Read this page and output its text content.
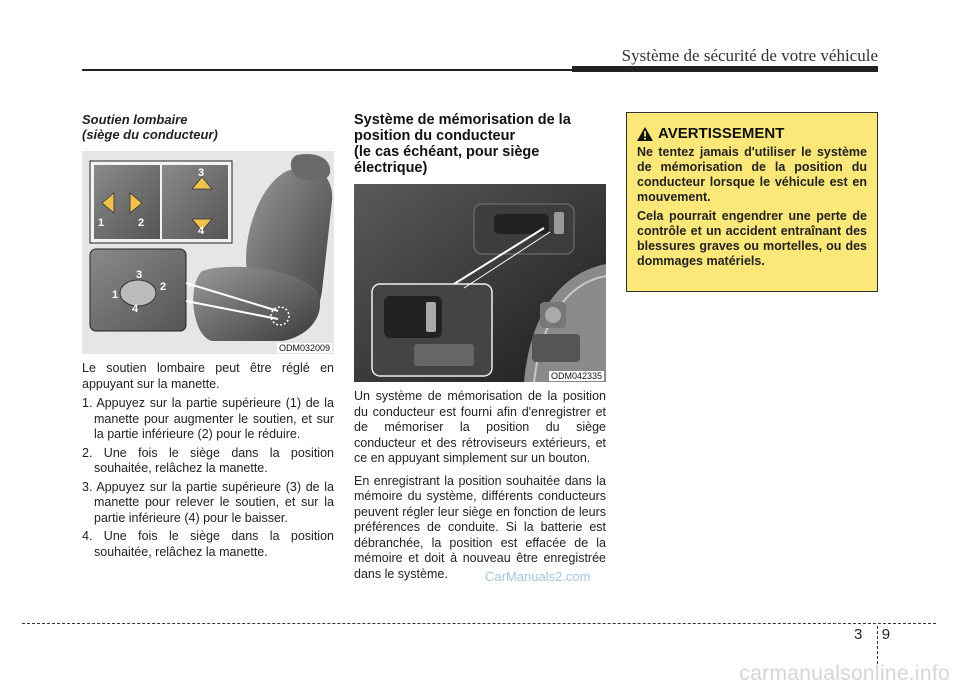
Système de sécurité de votre véhicule
Soutien lombaire
(siège du conducteur)
1	2
3
4
3
2
1
4
ODM032009
Le soutien lombaire peut être réglé en appuyant sur la manette.
1. Appuyez sur la partie supérieure (1) de la manette pour augmenter le soutien, et sur la partie inférieure (2) pour le réduire.
2. Une fois le siège dans la position souhaitée, relâchez la manette.
3. Appuyez sur la partie supérieure (3) de la manette pour relever le soutien, et sur la partie inférieure (4) pour le baisser.
4. Une fois le siège dans la position souhaitée, relâchez la manette.
Système de mémorisation de la
position du conducteur
(le cas échéant, pour siège
électrique)
ODM042335
Un système de mémorisation de la position du conducteur est fourni afin d'enregistrer et de mémoriser la position du siège conducteur et des rétroviseurs extérieurs, et ce en appuyant simplement sur un bouton.
En enregistrant la position souhaitée dans la mémoire du système, différents conducteurs peuvent régler leur siège en fonction de leurs préférences de conduite. Si la batterie est débranchée, la position est effacée de la mémoire et doit à nouveau être enregistrée dans le système.
AVERTISSEMENT

Ne tentez jamais d'utiliser le système de mémorisation de la position du conducteur lorsque le véhicule est en mouvement.

Cela pourrait engendrer une perte de contrôle et un accident entraînant des blessures graves ou mortelles, ou des dommages matériels.

3 9
CarManuals2.com
carmanualsonline.info
